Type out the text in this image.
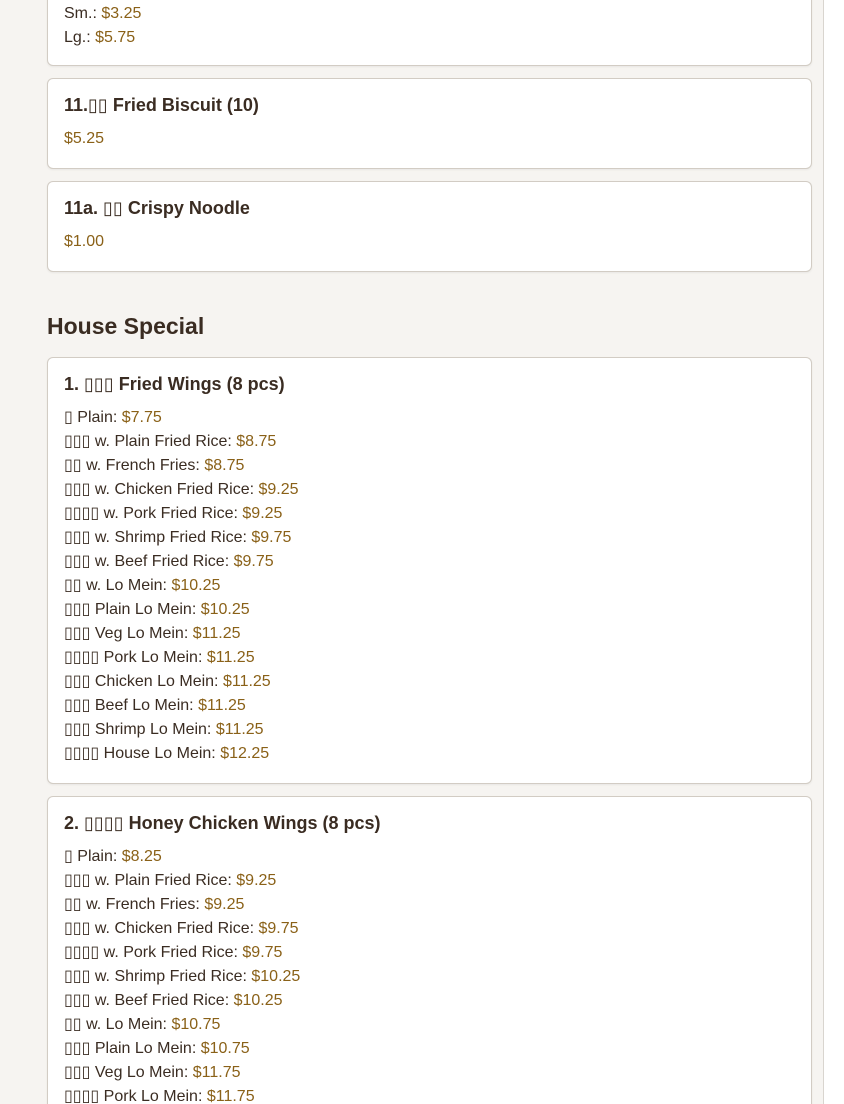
Sm.: $3.25
Lg.: $5.75
11.▯▯ Fried Biscuit (10)
$5.25
11a. ▯▯ Crispy Noodle
$1.00
House Special
1. ▯▯▯ Fried Wings (8 pcs)
▯ Plain: $7.75
▯▯▯ w. Plain Fried Rice: $8.75
▯▯ w. French Fries: $8.75
▯▯▯ w. Chicken Fried Rice: $9.25
▯▯▯▯ w. Pork Fried Rice: $9.25
▯▯▯ w. Shrimp Fried Rice: $9.75
▯▯▯ w. Beef Fried Rice: $9.75
▯▯ w. Lo Mein: $10.25
▯▯▯ Plain Lo Mein: $10.25
▯▯▯ Veg Lo Mein: $11.25
▯▯▯▯ Pork Lo Mein: $11.25
▯▯▯ Chicken Lo Mein: $11.25
▯▯▯ Beef Lo Mein: $11.25
▯▯▯ Shrimp Lo Mein: $11.25
▯▯▯▯ House Lo Mein: $12.25
2. ▯▯▯▯ Honey Chicken Wings (8 pcs)
▯ Plain: $8.25
▯▯▯ w. Plain Fried Rice: $9.25
▯▯ w. French Fries: $9.25
▯▯▯ w. Chicken Fried Rice: $9.75
▯▯▯▯ w. Pork Fried Rice: $9.75
▯▯▯ w. Shrimp Fried Rice: $10.25
▯▯▯ w. Beef Fried Rice: $10.25
▯▯ w. Lo Mein: $10.75
▯▯▯ Plain Lo Mein: $10.75
▯▯▯ Veg Lo Mein: $11.75
▯▯▯▯ Pork Lo Mein: $11.75
